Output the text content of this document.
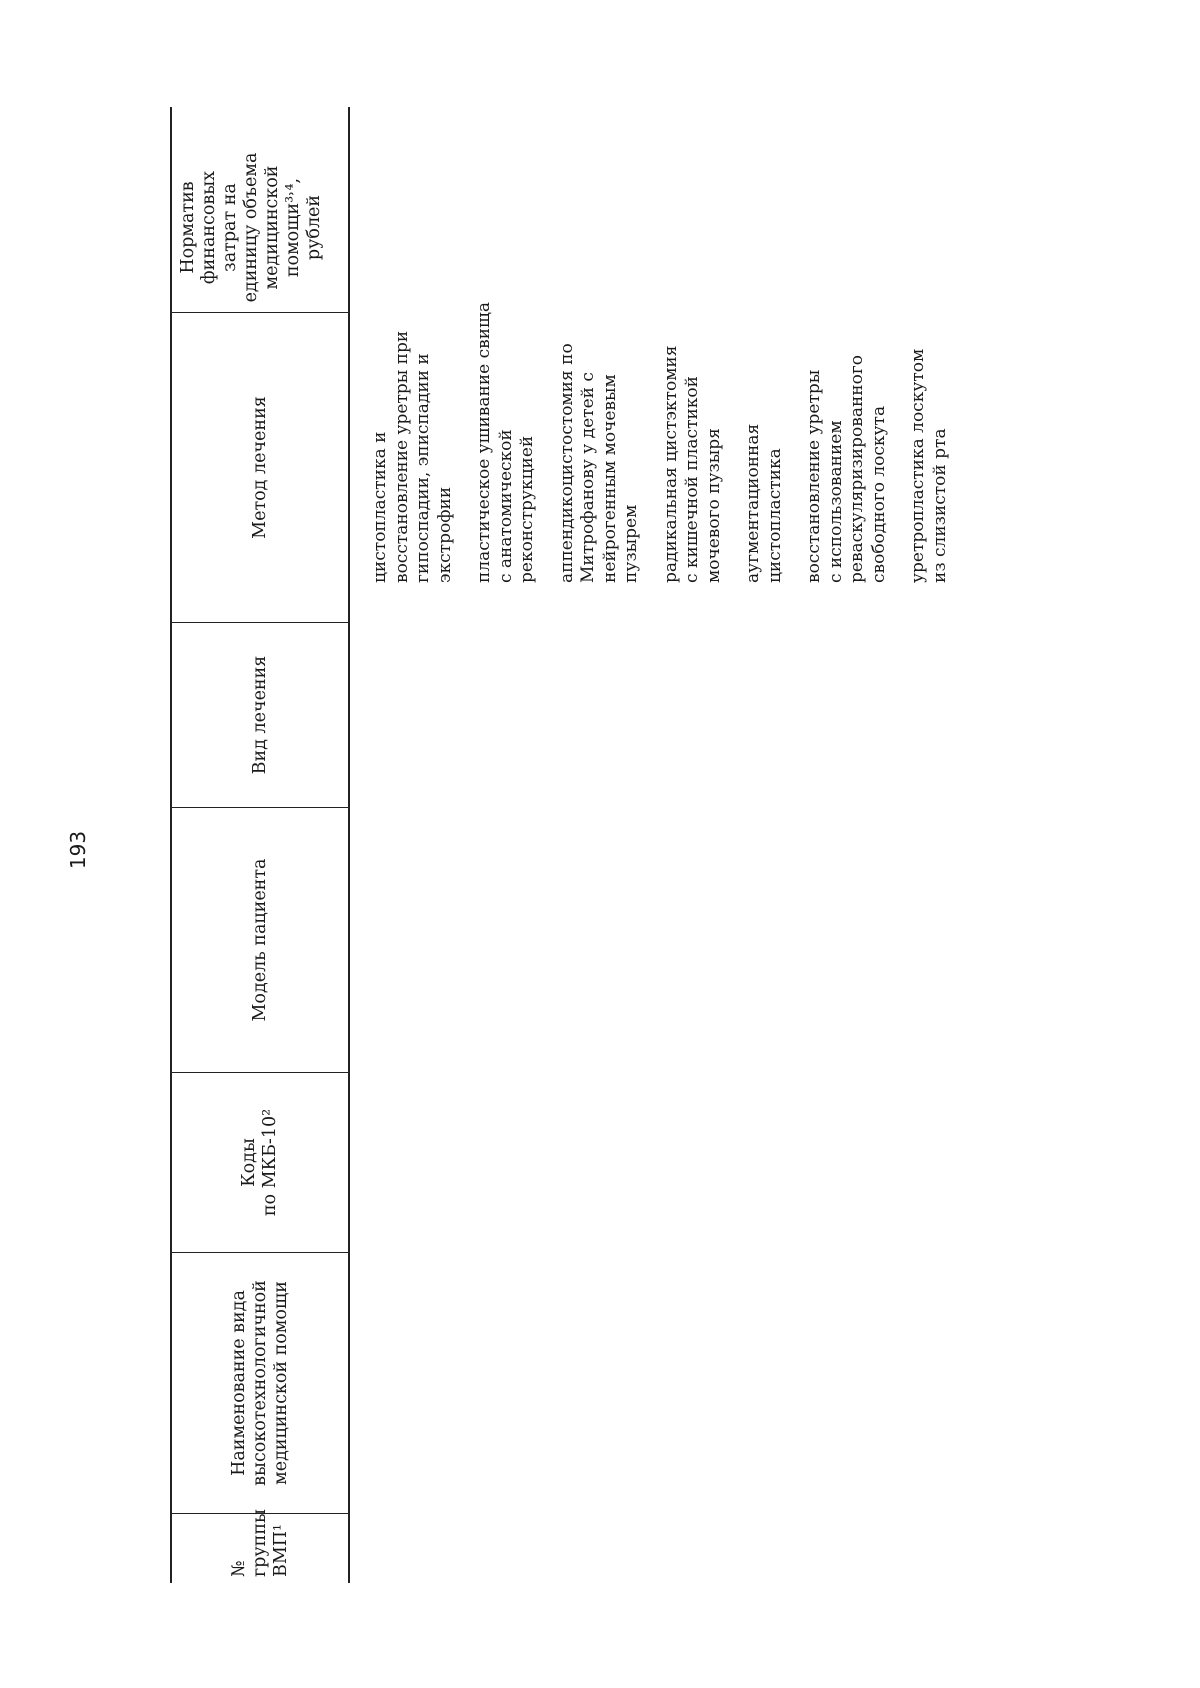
193
№
группы
ВМП¹
Наименование вида
высокотехнологичной
медицинской помощи
Коды
по МКБ-10²
Модель пациента
Вид лечения
Метод лечения
Норматив
финансовых
затрат на
единицу объема
медицинской
помощи³˒⁴,
рублей
цистопластика и
восстановление уретры при
гипоспадии, эписпадии и
экстрофии пластическое ушивание свища
с анатомической
реконструкцией аппендикоцистостомия по
Митрофанову у детей с
нейрогенным мочевым
пузырем радикальная цистэктомия
с кишечной пластикой
мочевого пузыря аугментационная
цистопластика восстановление уретры
с использованием
реваскуляризированного
свободного лоскута уретропластика лоскутом
из слизистой рта
